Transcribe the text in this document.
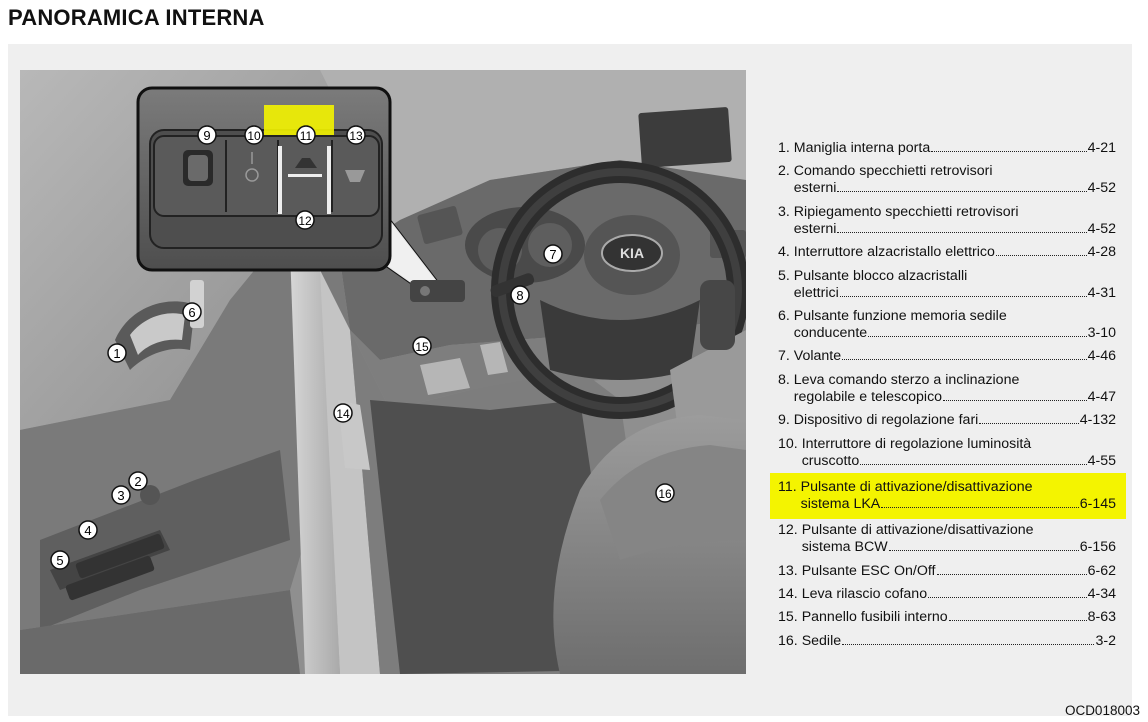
PANORAMICA INTERNA
KIA
9	10	11	13
12
7
8
6
1	15
14
16
2
3
4
5
1.
Maniglia interna porta	4-21
2.
Comando specchietti retrovisori
esterni	4-52
3.
Ripiegamento specchietti retrovisori
esterni	4-52
4.
Interruttore alzacristallo elettrico	4-28
5.
Pulsante blocco alzacristalli
elettrici	4-31
6.
Pulsante funzione memoria sedile
conducente	3-10
7.
Volante	4-46
8.
Leva comando sterzo a inclinazione
regolabile e telescopico	4-47
9.
Dispositivo di regolazione fari	4-132
10.
Interruttore di regolazione luminosità
cruscotto	4-55
11.
Pulsante di attivazione/disattivazione
sistema LKA	6-145
12.
Pulsante di attivazione/disattivazione
sistema BCW	6-156
13.
Pulsante ESC On/Off	6-62
14.
Leva rilascio cofano	4-34
15.
Pannello fusibili interno	8-63
16.
Sedile	3-2
OCD018003
